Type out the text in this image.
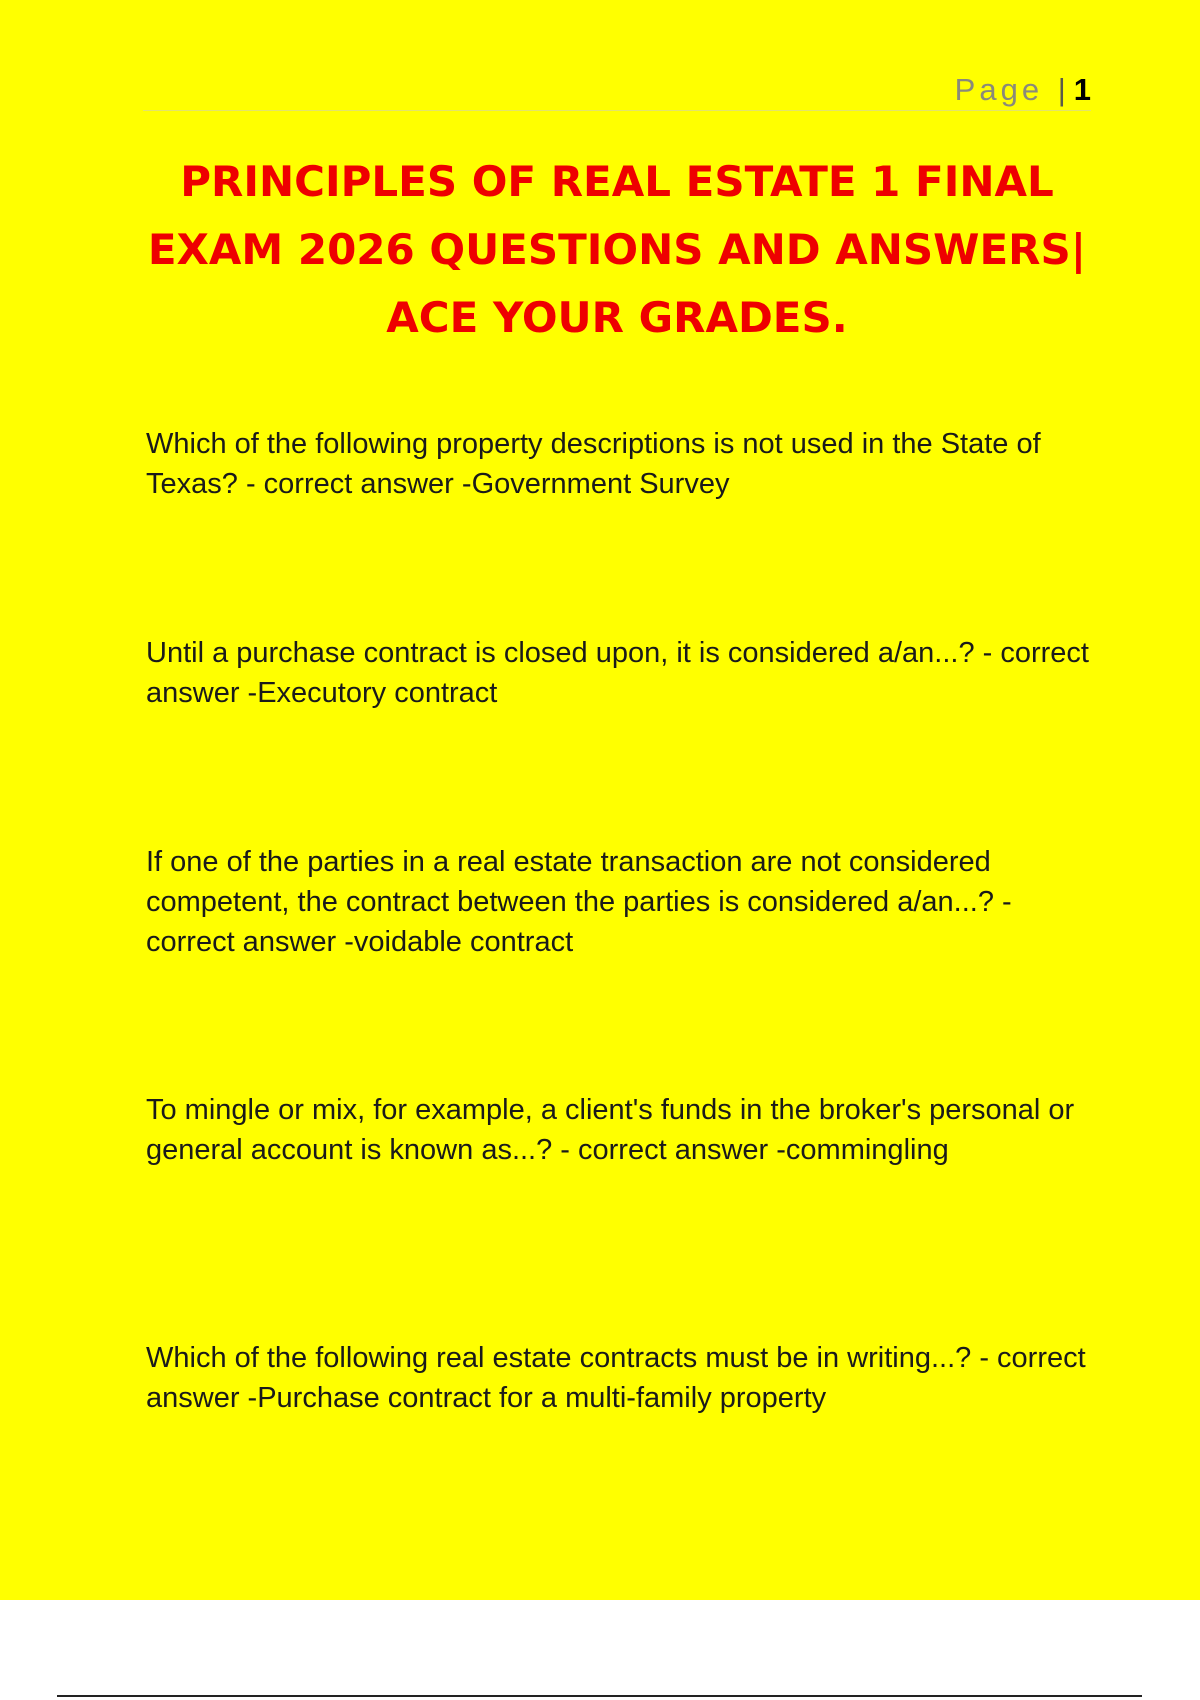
Page | 1
PRINCIPLES OF REAL ESTATE 1 FINAL EXAM 2026 QUESTIONS AND ANSWERS| ACE YOUR GRADES.

Which of the following property descriptions is not used in the State of Texas? - correct answer -Government Survey

Until a purchase contract is closed upon, it is considered a/an...? - correct answer -Executory contract

If one of the parties in a real estate transaction are not considered competent, the contract between the parties is considered a/an...? - correct answer -voidable contract

To mingle or mix, for example, a client's funds in the broker's personal or general account is known as...? - correct answer -commingling

Which of the following real estate contracts must be in writing...? - correct answer -Purchase contract for a multi-family property
